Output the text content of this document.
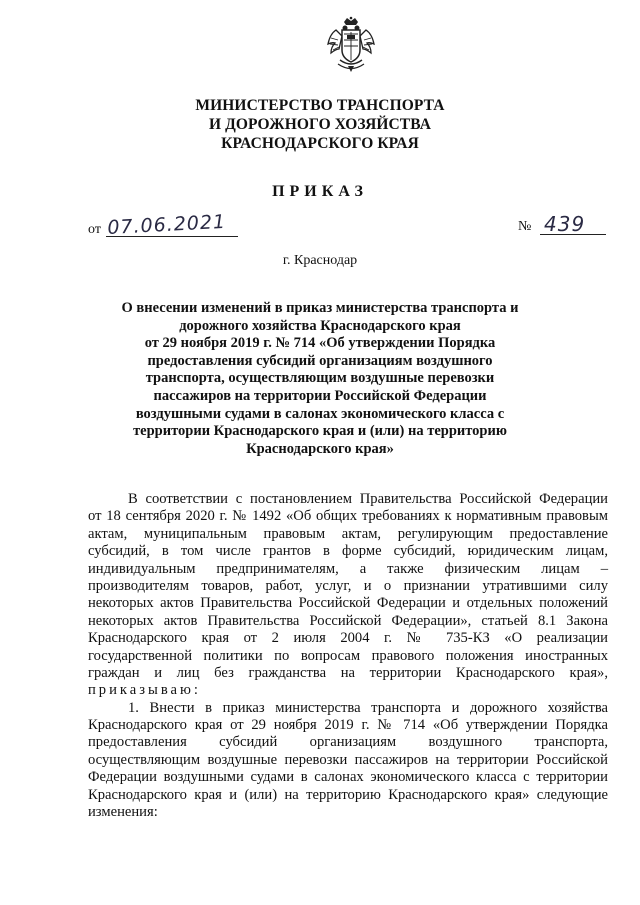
МИНИСТЕРСТВО ТРАНСПОРТА
И ДОРОЖНОГО ХОЗЯЙСТВА
КРАСНОДАРСКОГО КРАЯ
ПРИКАЗ
от 07.06.2021	№ 439
г. Краснодар
О внесении изменений в приказ министерства транспорта и
дорожного хозяйства Краснодарского края
от 29 ноября 2019 г. № 714 «Об утверждении Порядка
предоставления субсидий организациям воздушного
транспорта, осуществляющим воздушные перевозки
пассажиров на территории Российской Федерации
воздушными судами в салонах экономического класса с
территории Краснодарского края и (или) на территорию
Краснодарского края»
В соответствии с постановлением Правительства Российской Федерации
от 18 сентября 2020 г. № 1492 «Об общих требованиях к нормативным правовым
актам, муниципальным правовым актам, регулирующим предоставление
субсидий, в том числе грантов в форме субсидий, юридическим лицам,
индивидуальным предпринимателям, а также физическим лицам –
производителям товаров, работ, услуг, и о признании утратившими силу
некоторых актов Правительства Российской Федерации и отдельных положений
некоторых актов Правительства Российской Федерации», статьей 8.1 Закона
Краснодарского края от 2 июля 2004 г. № 735-КЗ «О реализации
государственной политики по вопросам правового положения иностранных
граждан и лиц без гражданства на территории Краснодарского края»,
приказываю:
1. Внести в приказ министерства транспорта и дорожного хозяйства
Краснодарского края от 29 ноября 2019 г. № 714 «Об утверждении Порядка
предоставления субсидий организациям воздушного транспорта,
осуществляющим воздушные перевозки пассажиров на территории Российской
Федерации воздушными судами в салонах экономического класса с территории
Краснодарского края и (или) на территорию Краснодарского края» следующие
изменения:
